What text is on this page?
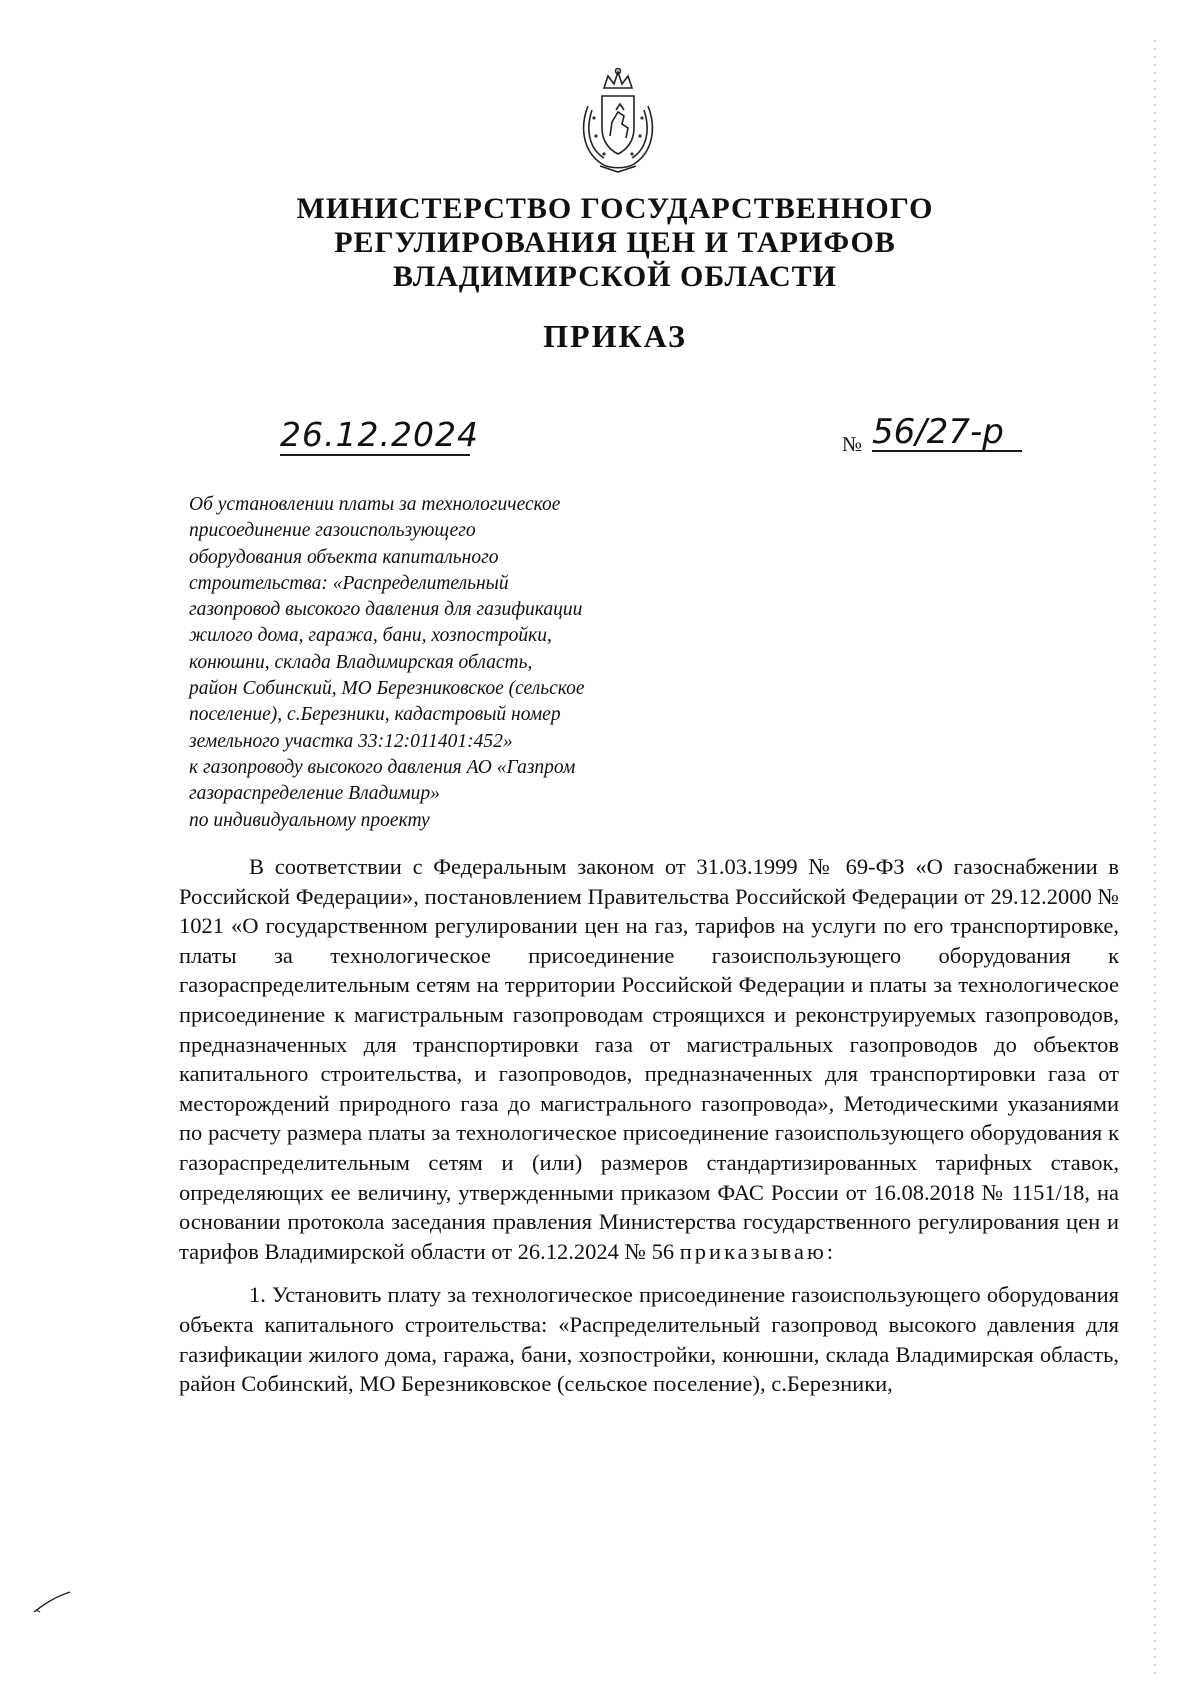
МИНИСТЕРСТВО ГОСУДАРСТВЕННОГО
РЕГУЛИРОВАНИЯ ЦЕН И ТАРИФОВ
ВЛАДИМИРСКОЙ ОБЛАСТИ
ПРИКАЗ
26.12.2024	№ 56/27-р
Об установлении платы за технологическое
присоединение газоиспользующего
оборудования объекта капитального
строительства: «Распределительный
газопровод высокого давления для газификации
жилого дома, гаража, бани, хозпостройки,
конюшни, склада Владимирская область,
район Собинский, МО Березниковское (сельское
поселение), с.Березники, кадастровый номер
земельного участка 33:12:011401:452»
к газопроводу высокого давления АО «Газпром
газораспределение Владимир»
по индивидуальному проекту

В соответствии с Федеральным законом от 31.03.1999 № 69-ФЗ «О газоснабжении в Российской Федерации», постановлением Правительства Российской Федерации от 29.12.2000 № 1021 «О государственном регулировании цен на газ, тарифов на услуги по его транспортировке, платы за технологическое присоединение газоиспользующего оборудования к газораспределительным сетям на территории Российской Федерации и платы за технологическое присоединение к магистральным газопроводам строящихся и реконструируемых газопроводов, предназначенных для транспортировки газа от магистральных газопроводов до объектов капитального строительства, и газопроводов, предназначенных для транспортировки газа от месторождений природного газа до магистрального газопровода», Методическими указаниями по расчету размера платы за технологическое присоединение газоиспользующего оборудования к газораспределительным сетям и (или) размеров стандартизированных тарифных ставок, определяющих ее величину, утвержденными приказом ФАС России от 16.08.2018 № 1151/18, на основании протокола заседания правления Министерства государственного регулирования цен и тарифов Владимирской области от 26.12.2024 № 56 приказываю:

1. Установить плату за технологическое присоединение газоиспользующего оборудования объекта капитального строительства: «Распределительный газопровод высокого давления для газификации жилого дома, гаража, бани, хозпостройки, конюшни, склада Владимирская область, район Собинский, МО Березниковское (сельское поселение), с.Березники,
